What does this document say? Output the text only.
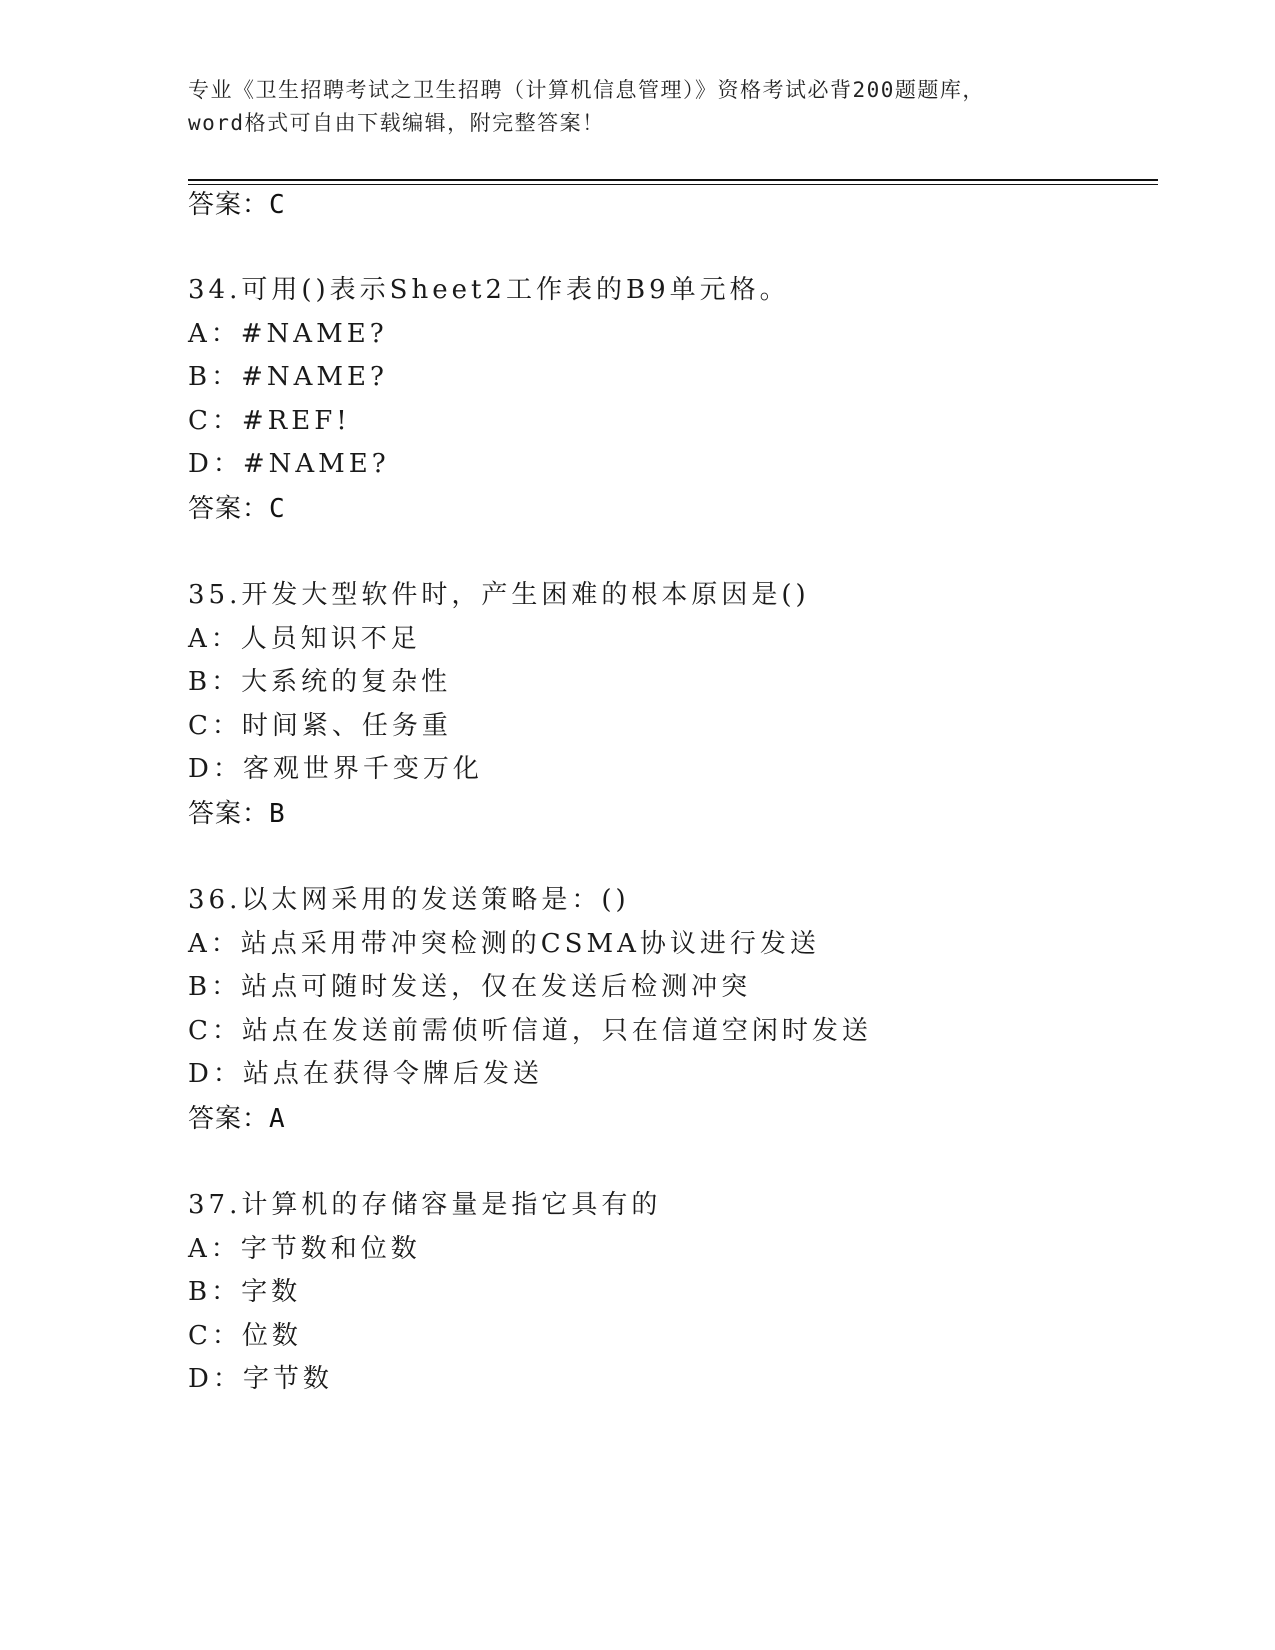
专业《卫生招聘考试之卫生招聘（计算机信息管理）》资格考试必背200题题库，
word格式可自由下载编辑，附完整答案！
答案：C
34.可用()表示Sheet2工作表的B9单元格。
A：#NAME?
B：#NAME?
C：#REF!
D：#NAME?
答案：C
35.开发大型软件时，产生困难的根本原因是()
A：人员知识不足
B：大系统的复杂性
C：时间紧、任务重
D：客观世界千变万化
答案：B
36.以太网采用的发送策略是：()
A：站点采用带冲突检测的CSMA协议进行发送
B：站点可随时发送，仅在发送后检测冲突
C：站点在发送前需侦听信道，只在信道空闲时发送
D：站点在获得令牌后发送
答案：A
37.计算机的存储容量是指它具有的
A：字节数和位数
B：字数
C：位数
D：字节数
